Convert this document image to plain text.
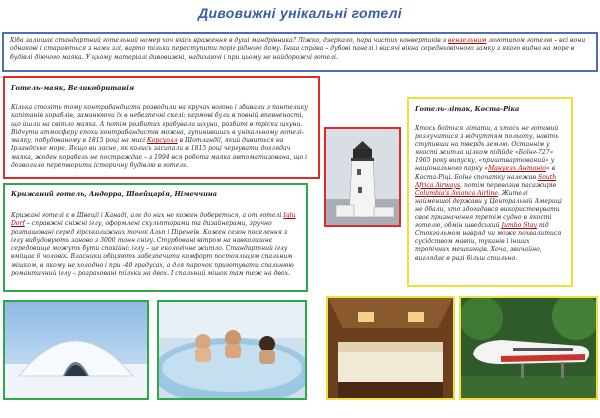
Дивовижні унікальні готелі
Хіба залишає стандартний готельний номер хоч якісь враження в душі мандрівника? Ліжко, дзеркало, пара чистих конвертиків з вензельним логотипом готелю – всі вони однакові і стараються з нами злі, варто тільки переступити поріг рідного дому. Інша справа – дубові панелі і висячі вікна середньовічного замку з якого видно на море в будівлі діючого маяка. У цьому матеріалі дивовижні, надихаючі і при цьому не найдорожчі готелі.
Готель-маяк, Великобританія
Кілька століть тому контрабандисти розводили на кручах вогонь і збивали з пантелику капітанів кораблів, заманюючи їх в небезпечні скелі: кермові були в повній впевненості, що йшли на світло маяка. А потім розбитих грабували шхуни, розбиті в тріски шхуни. Відчути атмосферу епохи контрабандистів можна, зупинившись в унікальному готелі-маяку, побудованому в 1815 році на мисі Корсуолл в Шотландії, який дивиться на Ірландське море. Якщо ви засне, як колись засипали в 1815 році чергувати доглядач маяка, жоден корабель не постраждає – з 1994 вся робота маяка автоматизована, що і дозволило перетворити історичну будівлю в готель.
Крижаний готель, Андорра, Швейцарія, Німеччина
Крижані готелі є в Швеції і Канаді, але до них не кожен добереться, а от готелі Iglu Dorf – справжні сніжні іглу, оформлені скульпторами та дизайнерами, зручно розташовані серед гірськолижних точок Альп і Піренеїв. Кожен сезон поселення з іглу вибудовують заново з 3000 тонн снігу. Стурбовані вітром на навколишнє середовище можуть бути спокійні: іглу – це екологічне житло. Стандартний іглу вміщає 6 чоловік. Власники обіцяють забезпечити комфорт постояльцям спальним мішком, в якому не холодно і при -40 градусах, а для парочок приготувати спальнюю романтичний іглу – розраховані тільки на двох. І спальний мішок там теж на двох.
Готель-літак, Коста-Ріка
Хтось боїться літати, а хтось не готовий розлучитися з відчуттям польоту, навіть ступивши на твердь землю. Останнім у якості житла цілком підійде «Боїнг-727» 1965 року випуску, «приштвартований» у національного парку «Мануель Антоніо» в Коста-Ріці. Боїнг спочатку належав South Africa Airways, потім перевозив пасажирів Columbia's Avianca Airline. Жителі найменшої держави у Центральній Америці не дбали, хто здогадався використовувати своє призначення третім судно в якості готелю, обмін шведський Jumbo Stay під Стокгольмом навряд чи може похвалитися сусідством мавпи, туканів і інших тропічних мешканців. Хоча, звичайно, виглядає в разі більш стильно.
